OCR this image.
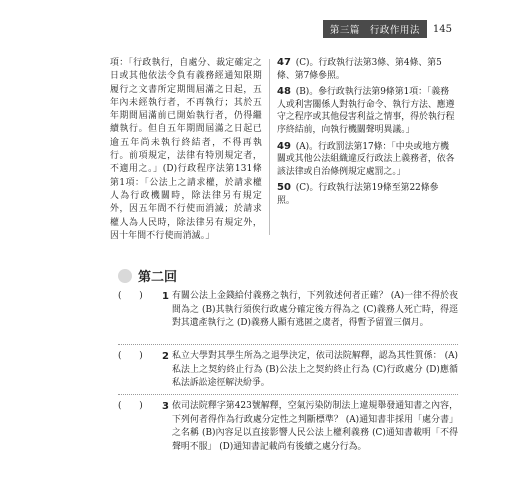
第三篇　行政作用法	145

項：「行政執行，自處分、裁定確定之日或其他依法令負有義務經通知限期履行之文書所定期間屆滿之日起，五年內未經執行者，不再執行；其於五年期間屆滿前已開始執行者，仍得繼續執行。但自五年期間屆滿之日起已逾五年尚未執行終結者，不得再執行。前項規定，法律有特別規定者，不適用之。」(D)行政程序法第131條第1項：「公法上之請求權，於請求權人為行政機關時，除法律另有規定外，因五年間不行使而消滅；於請求權人為人民時，除法律另有規定外，因十年間不行使而消滅。」

47 (C)。行政執行法第3條、第4條、第5條、第7條參照。
48 (B)。參行政執行法第9條第1項：「義務人或利害關係人對執行命令、執行方法、應遵守之程序或其他侵害利益之情事，得於執行程序終結前，向執行機關聲明異議。」
49 (A)。行政罰法第17條：「中央或地方機關或其他公法組織違反行政法上義務者，依各該法律或自治條例規定處罰之。」
50 (C)。行政執行法第19條至第22條參照。
第二回
(　　)	1 有關公法上金錢給付義務之執行，下列敘述何者正確？ (A)一律不得於夜間為之 (B)其執行須俟行政處分確定後方得為之 (C)義務人死亡時，得逕對其遺產執行之 (D)義務人顯有逃匿之虞者，得暫予留置三個月。
(　　)	2 私立大學對其學生所為之退學決定，依司法院解釋，認為其性質係： (A)私法上之契約終止行為 (B)公法上之契約終止行為 (C)行政處分 (D)應循私法訴訟途徑解決紛爭。
(　　)	3 依司法院釋字第423號解釋，空氣污染防制法上違規舉發通知書之內容，下列何者得作為行政處分定性之判斷標準？ (A)通知書非採用「處分書」之名稱 (B)內容足以直接影響人民公法上權利義務 (C)通知書載明「不得聲明不服」 (D)通知書記載尚有後續之處分行為。
